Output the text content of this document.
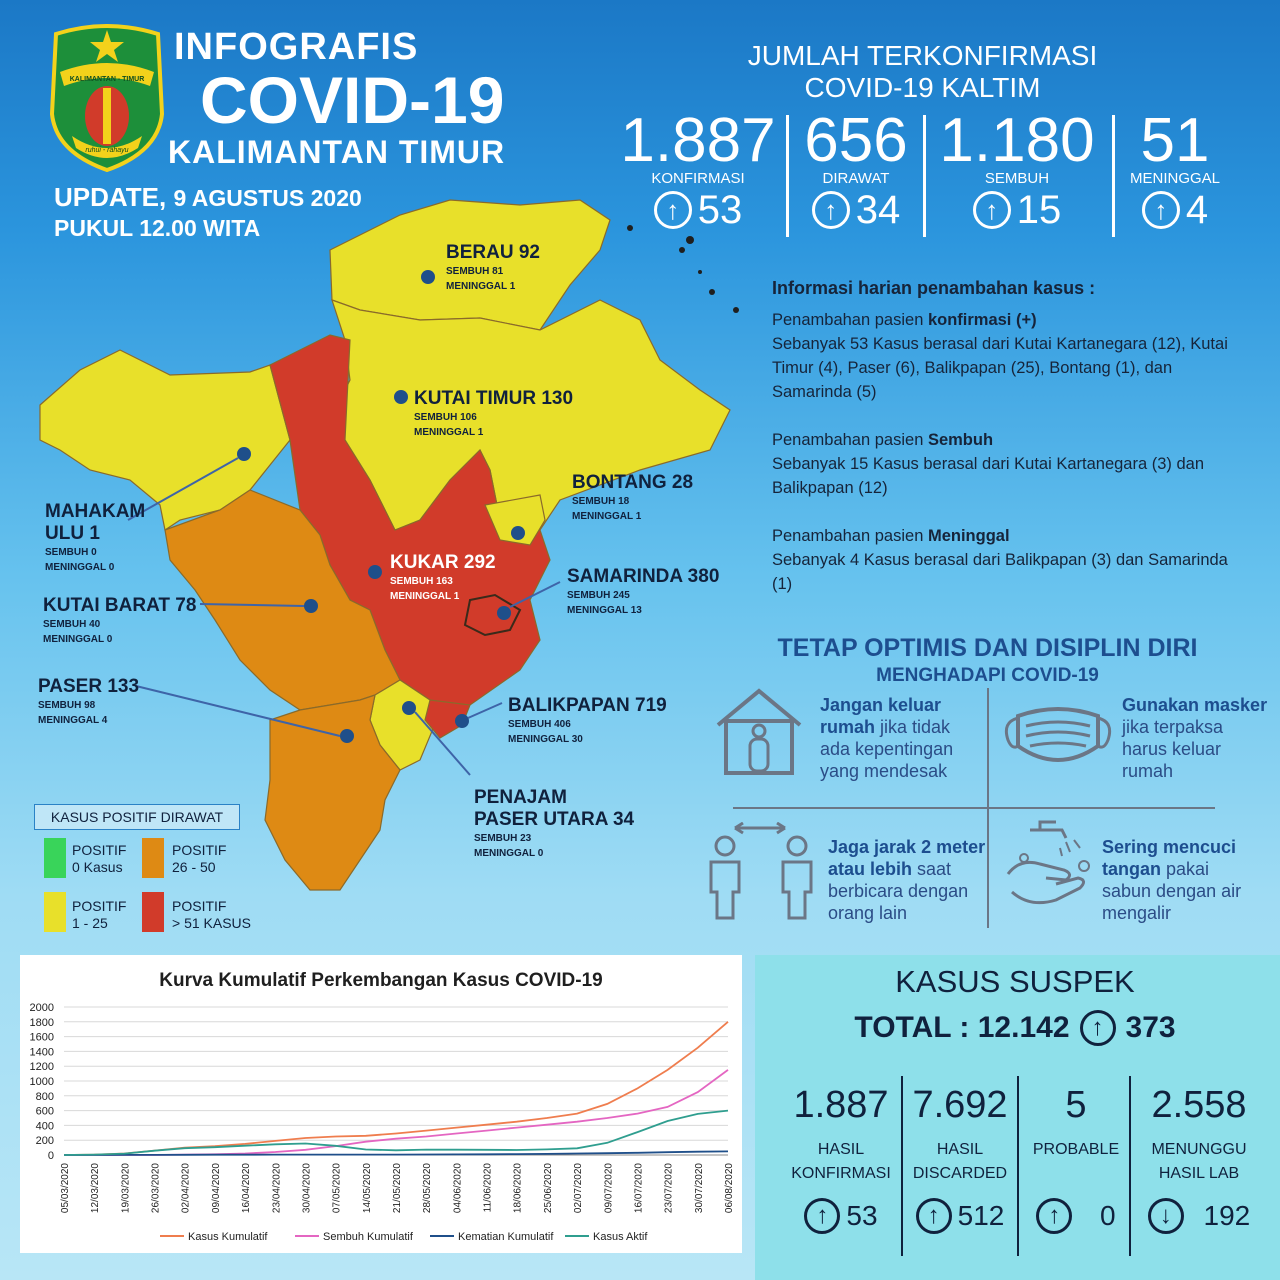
KALIMANTAN - TIMUR
ruhui - rahayu
INFOGRAFIS
COVID-19
KALIMANTAN TIMUR
UPDATE, 9 AGUSTUS 2020
PUKUL 12.00 WITA
JUMLAH TERKONFIRMASI
COVID-19 KALTIM
1.887
KONFIRMASI
↑ 53
656
DIRAWAT
↑ 34
1.180
SEMBUH
↑ 15
51
MENINGGAL
↑ 4
BERAU 92
SEMBUH 81
MENINGGAL 1
KUTAI TIMUR 130
SEMBUH 106
MENINGGAL 1
BONTANG 28
SEMBUH 18
MENINGGAL 1
MAHAKAM
ULU 1
SEMBUH 0
MENINGGAL 0	KUKAR 292
SEMBUH 163
MENINGGAL 1
SAMARINDA 380
SEMBUH 245
MENINGGAL 13
KUTAI BARAT 78
SEMBUH 40
MENINGGAL 0
PASER 133
SEMBUH 98
MENINGGAL 4
BALIKPAPAN 719
SEMBUH 406
MENINGGAL 30
PENAJAM
PASER UTARA 34
SEMBUH 23
MENINGGAL 0
KASUS POSITIF DIRAWAT
POSITIF
0 Kasus
POSITIF
26 - 50
POSITIF
1 - 25
POSITIF
> 51 KASUS
Informasi harian penambahan kasus :

Penambahan pasien konfirmasi (+)
Sebanyak 53 Kasus berasal dari Kutai Kartanegara (12), Kutai Timur (4), Paser (6), Balikpapan (25), Bontang (1), dan Samarinda (5)

Penambahan pasien Sembuh
Sebanyak 15 Kasus berasal dari Kutai Kartanegara (3) dan Balikpapan (12)

Penambahan pasien Meninggal
Sebanyak 4 Kasus berasal dari Balikpapan (3) dan Samarinda (1)

TETAP OPTIMIS DAN DISIPLIN DIRI
MENGHADAPI COVID-19
Jangan keluar rumah jika tidak ada kepentingan yang mendesak
Gunakan masker jika terpaksa harus keluar rumah
Jaga jarak 2 meter atau lebih saat berbicara dengan orang lain
Sering mencuci tangan pakai sabun dengan air mengalir
Kurva Kumulatif Perkembangan Kasus COVID-19
0
200
400
600
800
1000
1200
1400
1600
1800
2000
05/03/2020 12/03/2020 19/03/2020 26/03/2020 02/04/2020 09/04/2020 16/04/2020 23/04/2020 30/04/2020 07/05/2020 14/05/2020 21/05/2020 28/05/2020 04/06/2020 11/06/2020 18/06/2020 25/06/2020 02/07/2020 09/07/2020 16/07/2020 23/07/2020 30/07/2020 06/08/2020
Kasus Kumulatif	Sembuh Kumulatif	Kematian Kumulatif	Kasus Aktif
KASUS SUSPEK
TOTAL : 12.142 ↑ 373
1.887
HASIL
KONFIRMASI
↑ 53
7.692
HASIL
DISCARDED
↑ 512
5
PROBABLE
↑
	0
2.558
MENUNGGU
HASIL LAB
↓
	192
